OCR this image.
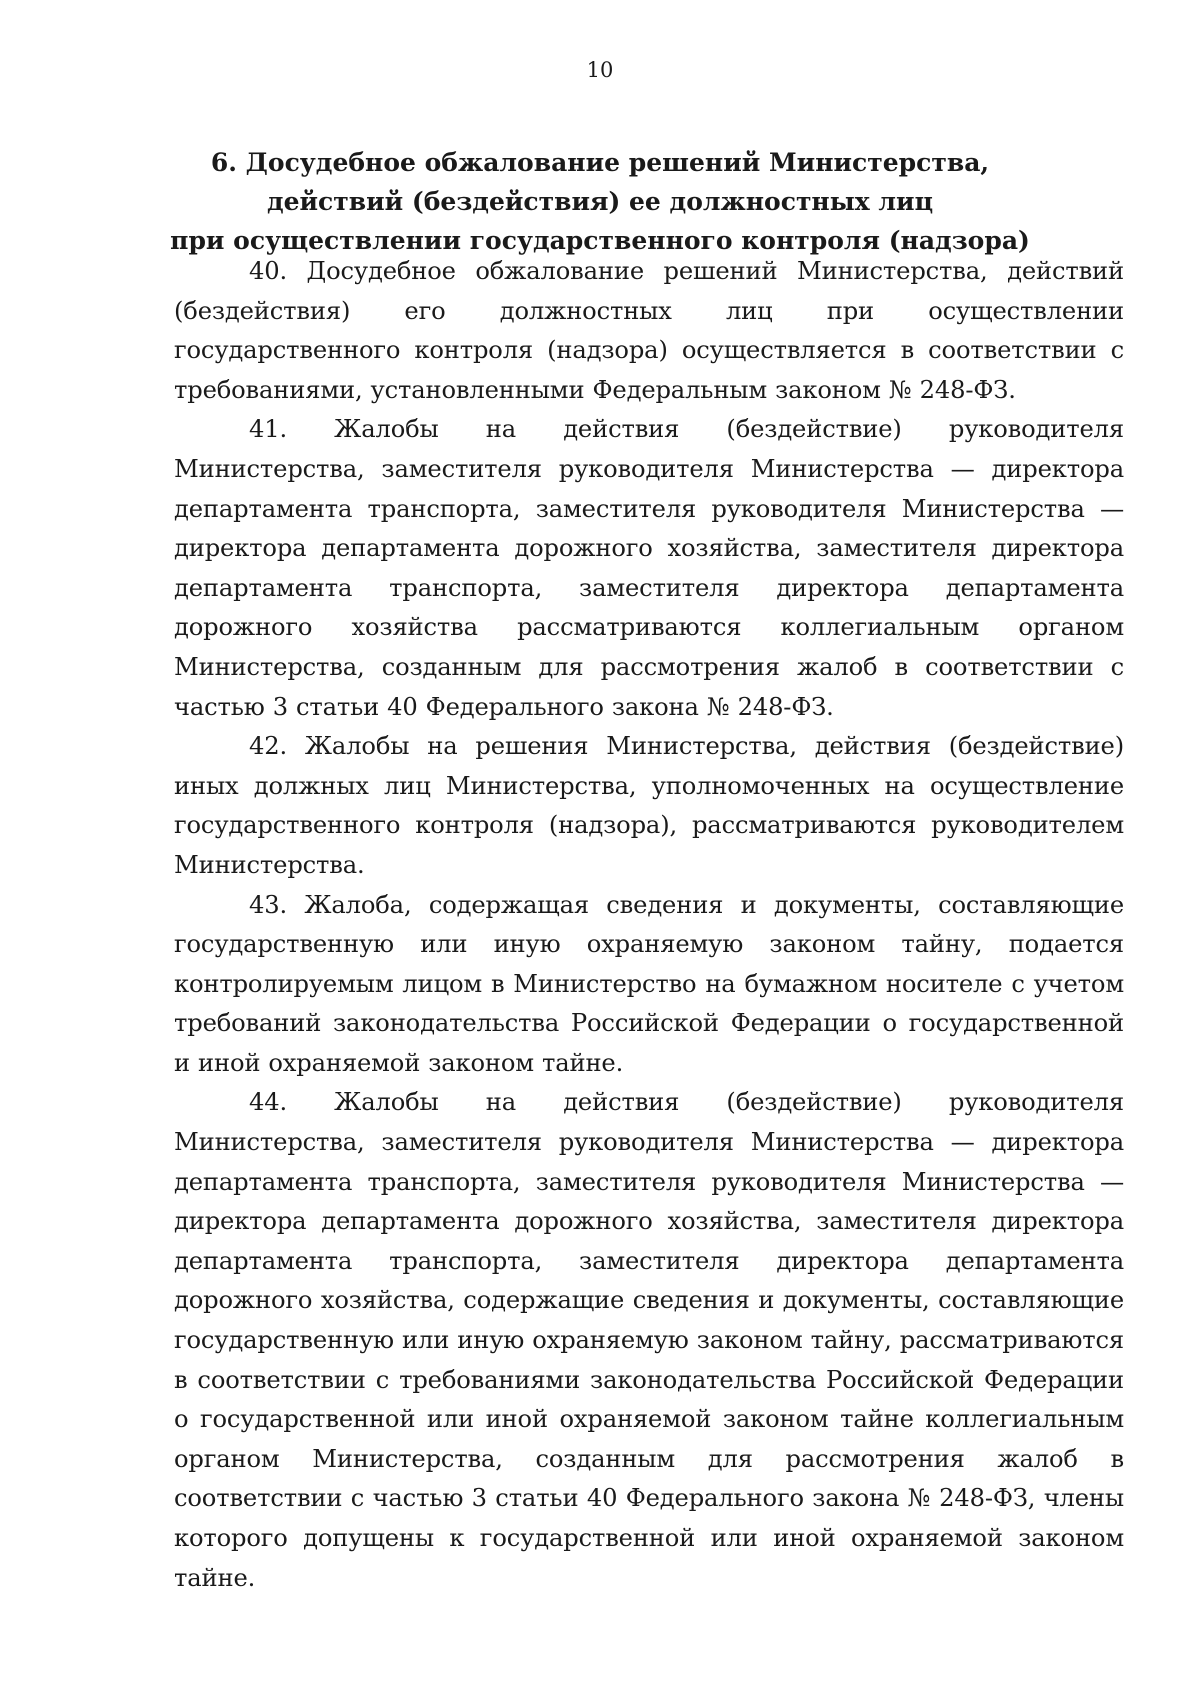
10
6. Досудебное обжалование решений Министерства,
действий (бездействия) ее должностных лиц
при осуществлении государственного контроля (надзора)

40. Досудебное обжалование решений Министерства, действий (бездействия) его должностных лиц при осуществлении государственного контроля (надзора) осуществляется в соответствии с требованиями, установленными Федеральным законом № 248-ФЗ.

41. Жалобы на действия (бездействие) руководителя Министерства, заместителя руководителя Министерства — директора департамента транспорта, заместителя руководителя Министерства — директора департамента дорожного хозяйства, заместителя директора департамента транспорта, заместителя директора департамента дорожного хозяйства рассматриваются коллегиальным органом Министерства, созданным для рассмотрения жалоб в соответствии с частью 3 статьи 40 Федерального закона № 248-ФЗ.

42. Жалобы на решения Министерства, действия (бездействие) иных должных лиц Министерства, уполномоченных на осуществление государственного контроля (надзора), рассматриваются руководителем Министерства.

43. Жалоба, содержащая сведения и документы, составляющие государственную или иную охраняемую законом тайну, подается контролируемым лицом в Министерство на бумажном носителе с учетом требований законодательства Российской Федерации о государственной и иной охраняемой законом тайне.

44. Жалобы на действия (бездействие) руководителя Министерства, заместителя руководителя Министерства — директора департамента транспорта, заместителя руководителя Министерства — директора департамента дорожного хозяйства, заместителя директора департамента транспорта, заместителя директора департамента дорожного хозяйства, содержащие сведения и документы, составляющие государственную или иную охраняемую законом тайну, рассматриваются в соответствии с требованиями законодательства Российской Федерации о государственной или иной охраняемой законом тайне коллегиальным органом Министерства, созданным для рассмотрения жалоб в соответствии с частью 3 статьи 40 Федерального закона № 248-ФЗ, члены которого допущены к государственной или иной охраняемой законом тайне.
